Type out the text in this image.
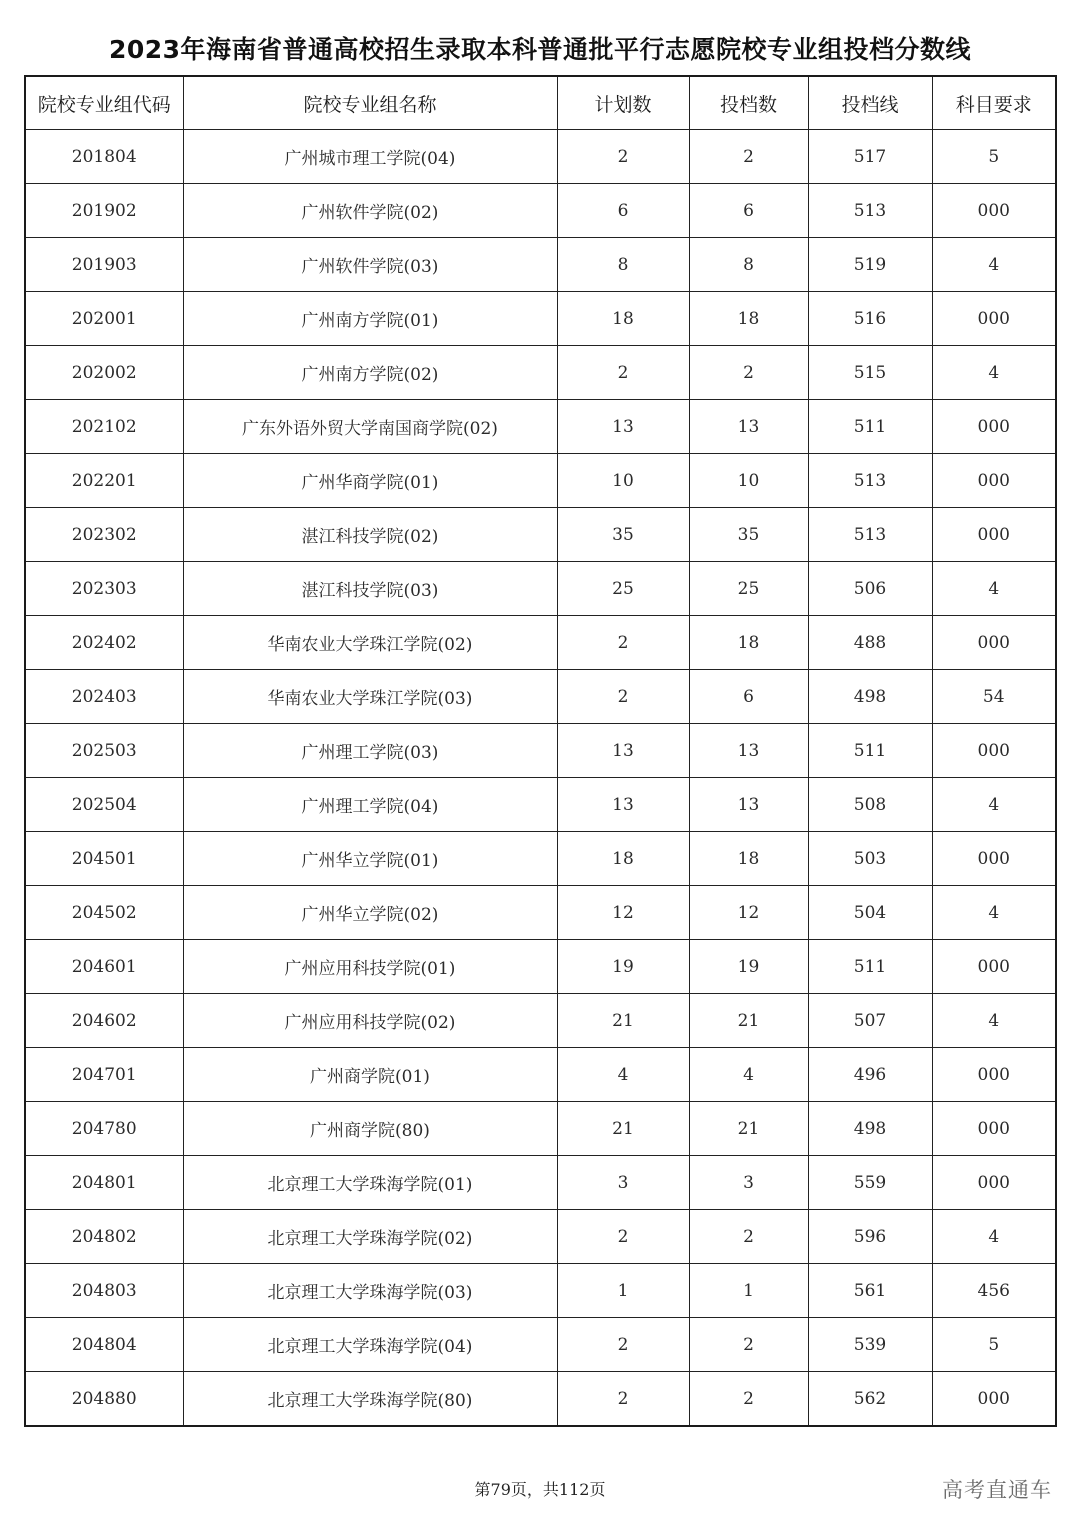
2023年海南省普通高校招生录取本科普通批平行志愿院校专业组投档分数线
院校专业组代码	院校专业组名称	计划数	投档数	投档线	科目要求
201804	广州城市理工学院(04)	2	2	517	5
201902	广州软件学院(02)	6	6	513	000
201903	广州软件学院(03)	8	8	519	4
202001	广州南方学院(01)	18	18	516	000
202002	广州南方学院(02)	2	2	515	4
202102	广东外语外贸大学南国商学院(02)	13	13	511	000
202201	广州华商学院(01)	10	10	513	000
202302	湛江科技学院(02)	35	35	513	000
202303	湛江科技学院(03)	25	25	506	4
202402	华南农业大学珠江学院(02)	2	18	488	000
202403	华南农业大学珠江学院(03)	2	6	498	54
202503	广州理工学院(03)	13	13	511	000
202504	广州理工学院(04)	13	13	508	4
204501	广州华立学院(01)	18	18	503	000
204502	广州华立学院(02)	12	12	504	4
204601	广州应用科技学院(01)	19	19	511	000
204602	广州应用科技学院(02)	21	21	507	4
204701	广州商学院(01)	4	4	496	000
204780	广州商学院(80)	21	21	498	000
204801	北京理工大学珠海学院(01)	3	3	559	000
204802	北京理工大学珠海学院(02)	2	2	596	4
204803	北京理工大学珠海学院(03)	1	1	561	456
204804	北京理工大学珠海学院(04)	2	2	539	5
204880	北京理工大学珠海学院(80)	2	2	562	000
第79页，共112页	高考直通车
